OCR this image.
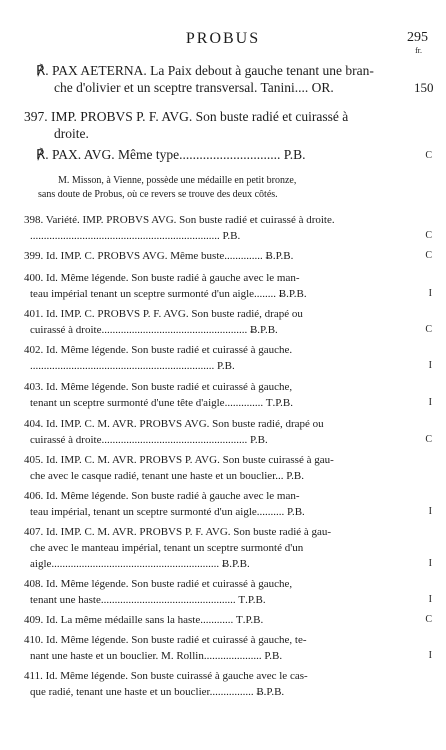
PROBUS	295
fr.
℟. PAX AETERNA. La Paix debout à gauche tenant une bran-
che d'olivier et un sceptre transversal. Tanini.... OR.	150
397. IMP. PROBVS P. F. AVG. Son buste radié et cuirassé à
droite.
℟. PAX. AVG. Même type.............................. P.B.	C
M. Misson, à Vienne, possède une médaille en petit bronze,
sans doute de Probus, où ce revers se trouve des deux côtés.
398. Variété. IMP. PROBVS AVG. Son buste radié et cuirassé à droite.
..................................................................... P.B.	C
399. Id. IMP. C. PROBVS AVG. Même buste.............. Ƀ.P.B.	C
400. Id. Même légende. Son buste radié à gauche avec le man-
teau impérial tenant un sceptre surmonté d'un aigle........ Ƀ.P.B.	I
401. Id. IMP. C. PROBVS P. F. AVG. Son buste radié, drapé ou
cuirassé à droite..................................................... Ƀ.P.B.	C
402. Id. Même légende. Son buste radié et cuirassé à gauche.
................................................................... P.B.	I
403. Id. Même légende. Son buste radié et cuirassé à gauche,
tenant un sceptre surmonté d'une tête d'aigle.............. Ƭ.P.B.	I
404. Id. IMP. C. M. AVR. PROBVS AVG. Son buste radié, drapé ou
cuirassé à droite..................................................... P.B.	C
405. Id. IMP. C. M. AVR. PROBVS P. AVG. Son buste cuirassé à gau-
che avec le casque radié, tenant une haste et un bouclier... P.B.
406. Id. Même légende. Son buste radié à gauche avec le man-
teau impérial, tenant un sceptre surmonté d'un aigle.......... P.B.	I
407. Id. IMP. C. M. AVR. PROBVS P. F. AVG. Son buste radié à gau-
che avec le manteau impérial, tenant un sceptre surmonté d'un
aigle............................................................. Ƀ.P.B.	I
408. Id. Même légende. Son buste radié et cuirassé à gauche,
tenant une haste................................................. Ƭ.P.B.	I
409. Id. La même médaille sans la haste............ Ƭ.P.B.	C
410. Id. Même légende. Son buste radié et cuirassé à gauche, te-
nant une haste et un bouclier. M. Rollin..................... P.B.	I
411. Id. Même légende. Son buste cuirassé à gauche avec le cas-
que radié, tenant une haste et un bouclier................ Ƀ.P.B.
